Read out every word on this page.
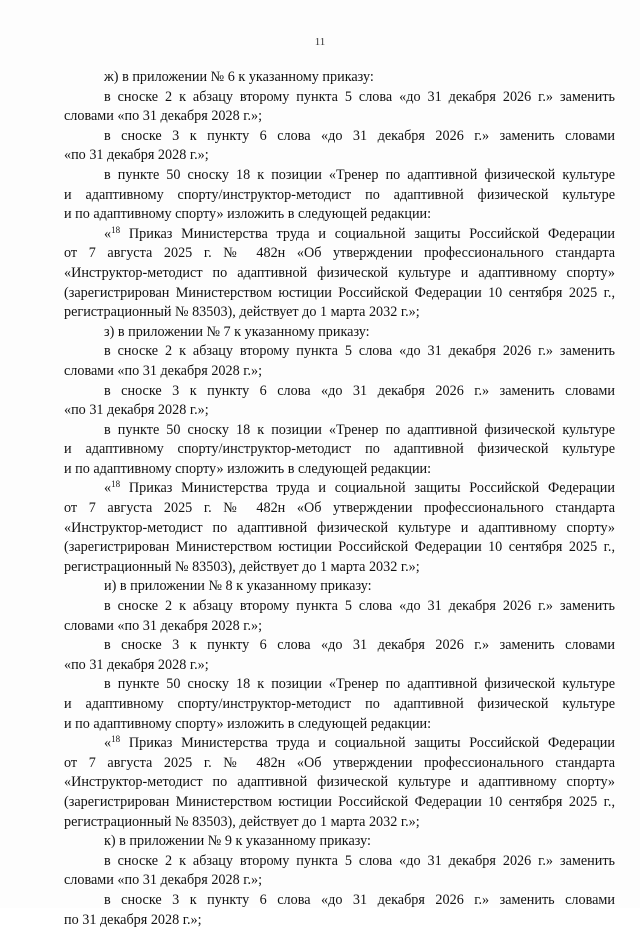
11
ж) в приложении № 6 к указанному приказу:
в сноске 2 к абзацу второму пункта 5 слова «до 31 декабря 2026 г.» заменить
словами «по 31 декабря 2028 г.»;
в сноске 3 к пункту 6 слова «до 31 декабря 2026 г.» заменить словами
«по 31 декабря 2028 г.»;
в пункте 50 сноску 18 к позиции «Тренер по адаптивной физической культуре
и адаптивному спорту/инструктор-методист по адаптивной физической культуре
и по адаптивному спорту» изложить в следующей редакции:
«$^{18}$ Приказ Министерства труда и социальной защиты Российской Федерации
от 7 августа 2025 г. № 482н «Об утверждении профессионального стандарта
«Инструктор-методист по адаптивной физической культуре и адаптивному спорту»
(зарегистрирован Министерством юстиции Российской Федерации 10 сентября 2025 г.,
регистрационный № 83503), действует до 1 марта 2032 г.»;
з) в приложении № 7 к указанному приказу:
в сноске 2 к абзацу второму пункта 5 слова «до 31 декабря 2026 г.» заменить
словами «по 31 декабря 2028 г.»;
в сноске 3 к пункту 6 слова «до 31 декабря 2026 г.» заменить словами
«по 31 декабря 2028 г.»;
в пункте 50 сноску 18 к позиции «Тренер по адаптивной физической культуре
и адаптивному спорту/инструктор-методист по адаптивной физической культуре
и по адаптивному спорту» изложить в следующей редакции:
«$^{18}$ Приказ Министерства труда и социальной защиты Российской Федерации
от 7 августа 2025 г. № 482н «Об утверждении профессионального стандарта
«Инструктор-методист по адаптивной физической культуре и адаптивному спорту»
(зарегистрирован Министерством юстиции Российской Федерации 10 сентября 2025 г.,
регистрационный № 83503), действует до 1 марта 2032 г.»;
и) в приложении № 8 к указанному приказу:
в сноске 2 к абзацу второму пункта 5 слова «до 31 декабря 2026 г.» заменить
словами «по 31 декабря 2028 г.»;
в сноске 3 к пункту 6 слова «до 31 декабря 2026 г.» заменить словами
«по 31 декабря 2028 г.»;
в пункте 50 сноску 18 к позиции «Тренер по адаптивной физической культуре
и адаптивному спорту/инструктор-методист по адаптивной физической культуре
и по адаптивному спорту» изложить в следующей редакции:
«$^{18}$ Приказ Министерства труда и социальной защиты Российской Федерации
от 7 августа 2025 г. № 482н «Об утверждении профессионального стандарта
«Инструктор-методист по адаптивной физической культуре и адаптивному спорту»
(зарегистрирован Министерством юстиции Российской Федерации 10 сентября 2025 г.,
регистрационный № 83503), действует до 1 марта 2032 г.»;
к) в приложении № 9 к указанному приказу:
в сноске 2 к абзацу второму пункта 5 слова «до 31 декабря 2026 г.» заменить
словами «по 31 декабря 2028 г.»;
в сноске 3 к пункту 6 слова «до 31 декабря 2026 г.» заменить словами
по 31 декабря 2028 г.»;
